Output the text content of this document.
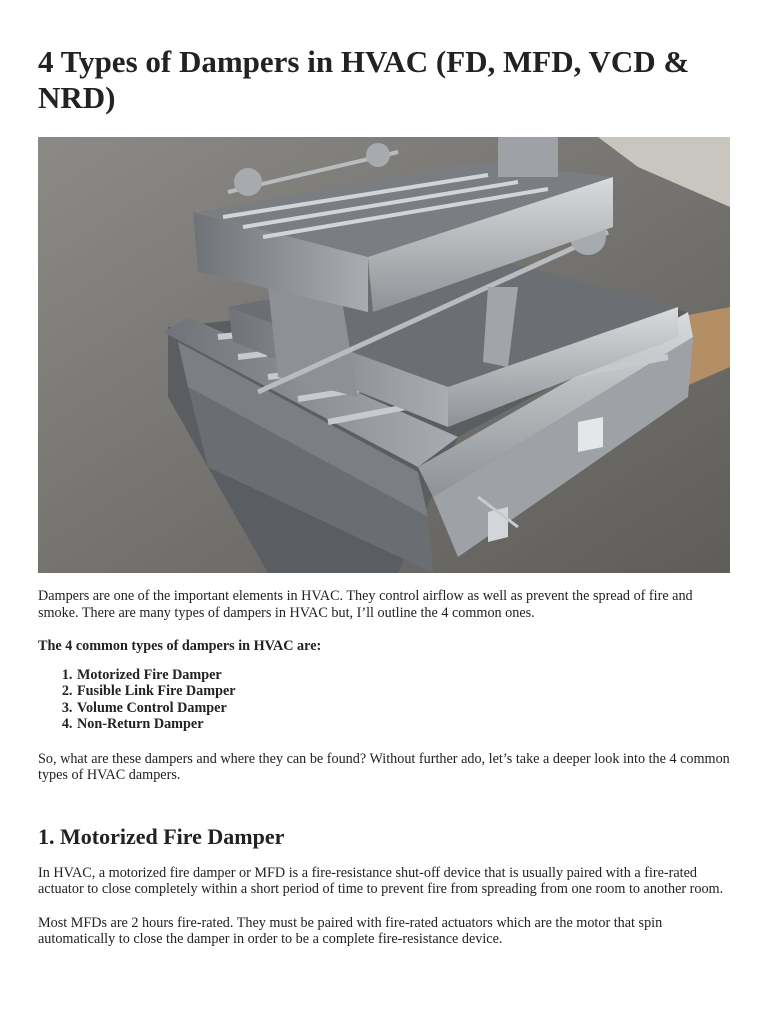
4 Types of Dampers in HVAC (FD, MFD, VCD & NRD)

Dampers are one of the important elements in HVAC. They control airflow as well as prevent the spread of fire and smoke. There are many types of dampers in HVAC but, I’ll outline the 4 common ones.

The 4 common types of dampers in HVAC are:

1. Motorized Fire Damper
2. Fusible Link Fire Damper
3. Volume Control Damper
4. Non-Return Damper

So, what are these dampers and where they can be found? Without further ado, let’s take a deeper look into the 4 common types of HVAC dampers.

1. Motorized Fire Damper

In HVAC, a motorized fire damper or MFD is a fire-resistance shut-off device that is usually paired with a fire-rated actuator to close completely within a short period of time to prevent fire from spreading from one room to another room.

Most MFDs are 2 hours fire-rated. They must be paired with fire-rated actuators which are the motor that spin automatically to close the damper in order to be a complete fire-resistance device.
